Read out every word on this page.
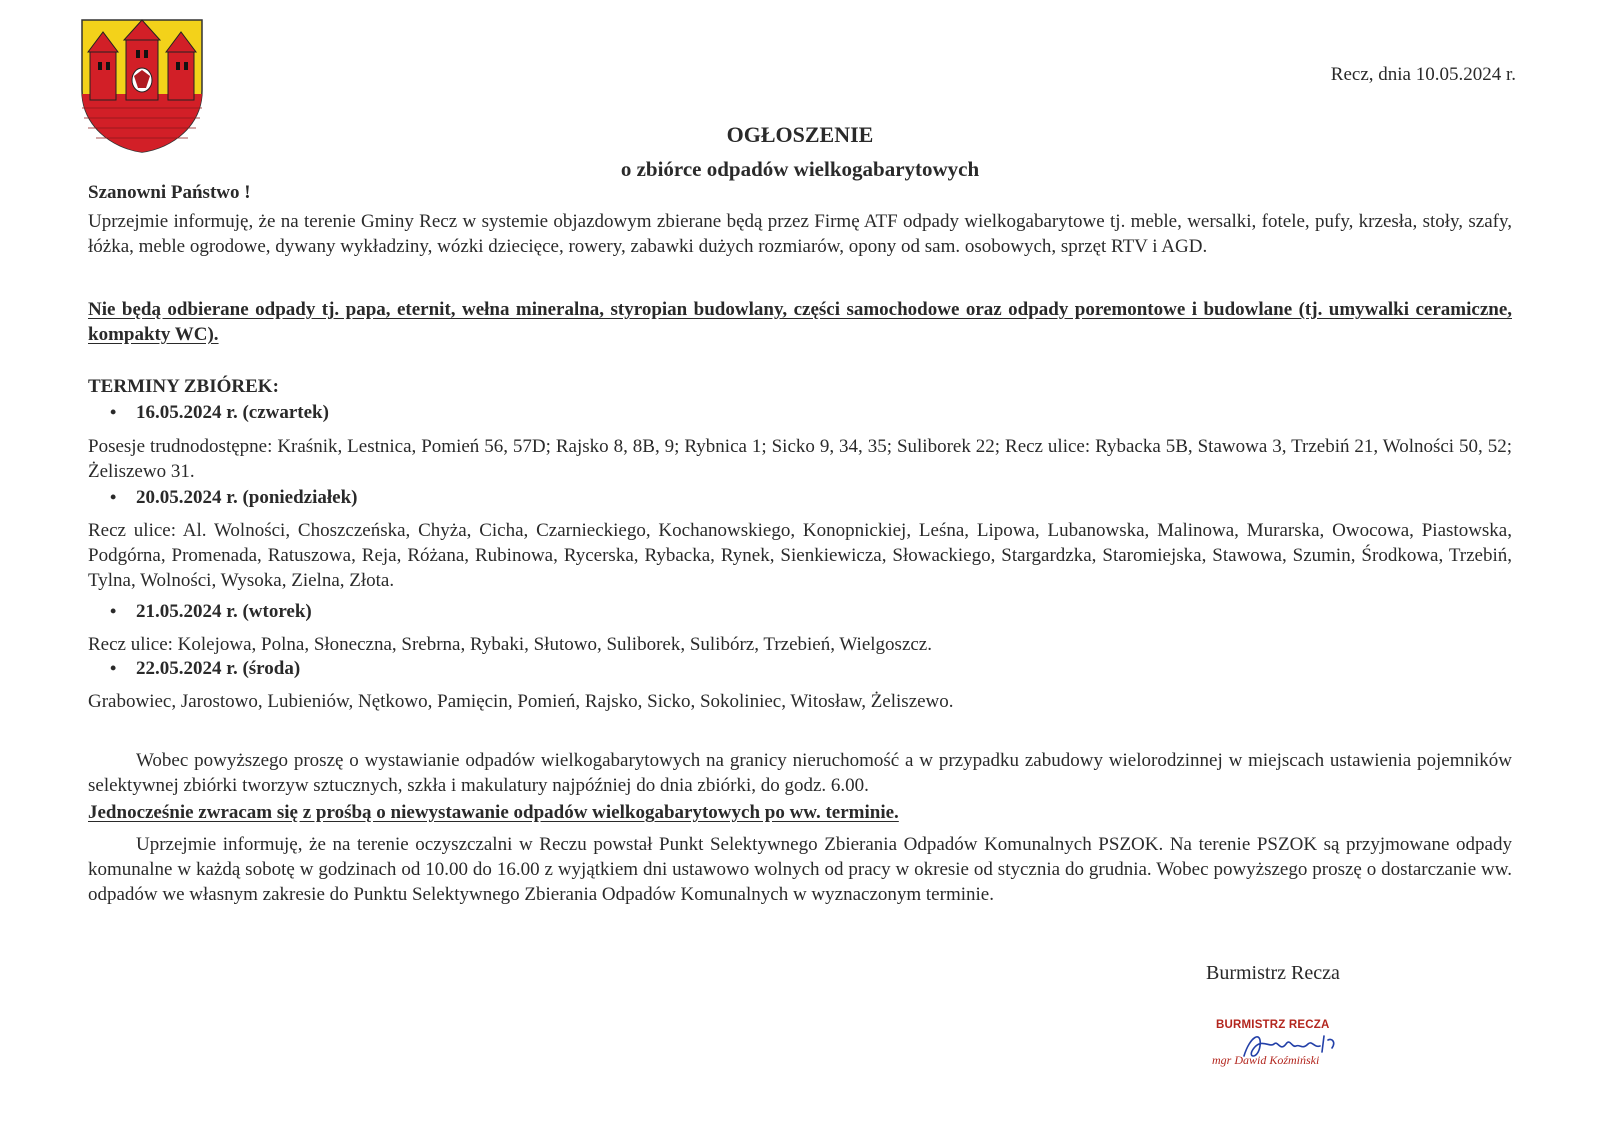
Recz, dnia 10.05.2024 r.
OGŁOSZENIE
o zbiórce odpadów wielkogabarytowych
Szanowni Państwo !
Uprzejmie informuję, że na terenie Gminy Recz w systemie objazdowym zbierane będą przez Firmę ATF odpady wielkogabarytowe tj. meble, wersalki, fotele, pufy, krzesła, stoły, szafy, łóżka, meble ogrodowe, dywany wykładziny, wózki dziecięce, rowery, zabawki dużych rozmiarów, opony od sam. osobowych, sprzęt RTV i AGD.
Nie będą odbierane odpady tj. papa, eternit, wełna mineralna, styropian budowlany, części samochodowe oraz odpady poremontowe i budowlane (tj. umywalki ceramiczne, kompakty WC).
TERMINY ZBIÓREK:
• 16.05.2024 r. (czwartek)
Posesje trudnodostępne: Kraśnik, Lestnica, Pomień 56, 57D; Rajsko 8, 8B, 9; Rybnica 1; Sicko 9, 34, 35; Suliborek 22; Recz ulice: Rybacka 5B, Stawowa 3, Trzebiń 21, Wolności 50, 52; Żeliszewo 31.
• 20.05.2024 r. (poniedziałek)
Recz ulice: Al. Wolności, Choszczeńska, Chyża, Cicha, Czarnieckiego, Kochanowskiego, Konopnickiej, Leśna, Lipowa, Lubanowska, Malinowa, Murarska, Owocowa, Piastowska, Podgórna, Promenada, Ratuszowa, Reja, Różana, Rubinowa, Rycerska, Rybacka, Rynek, Sienkiewicza, Słowackiego, Stargardzka, Staromiejska, Stawowa, Szumin, Środkowa, Trzebiń, Tylna, Wolności, Wysoka, Zielna, Złota.
• 21.05.2024 r. (wtorek)
Recz ulice: Kolejowa, Polna, Słoneczna, Srebrna, Rybaki, Słutowo, Suliborek, Sulibórz, Trzebień, Wielgoszcz.
• 22.05.2024 r. (środa)
Grabowiec, Jarostowo, Lubieniów, Nętkowo, Pamięcin, Pomień, Rajsko, Sicko, Sokoliniec, Witosław, Żeliszewo.
Wobec powyższego proszę o wystawianie odpadów wielkogabarytowych na granicy nieruchomość a w przypadku zabudowy wielorodzinnej w miejscach ustawienia pojemników selektywnej zbiórki tworzyw sztucznych, szkła i makulatury najpóźniej do dnia zbiórki, do godz. 6.00.
Jednocześnie zwracam się z prośbą o niewystawanie odpadów wielkogabarytowych po ww. terminie.
Uprzejmie informuję, że na terenie oczyszczalni w Reczu powstał Punkt Selektywnego Zbierania Odpadów Komunalnych PSZOK. Na terenie PSZOK są przyjmowane odpady komunalne w każdą sobotę w godzinach od 10.00 do 16.00 z wyjątkiem dni ustawowo wolnych od pracy w okresie od stycznia do grudnia. Wobec powyższego proszę o dostarczanie ww. odpadów we własnym zakresie do Punktu Selektywnego Zbierania Odpadów Komunalnych w wyznaczonym terminie.
Burmistrz Recza
BURMISTRZ RECZA
mgr Dawid Koźmiński
